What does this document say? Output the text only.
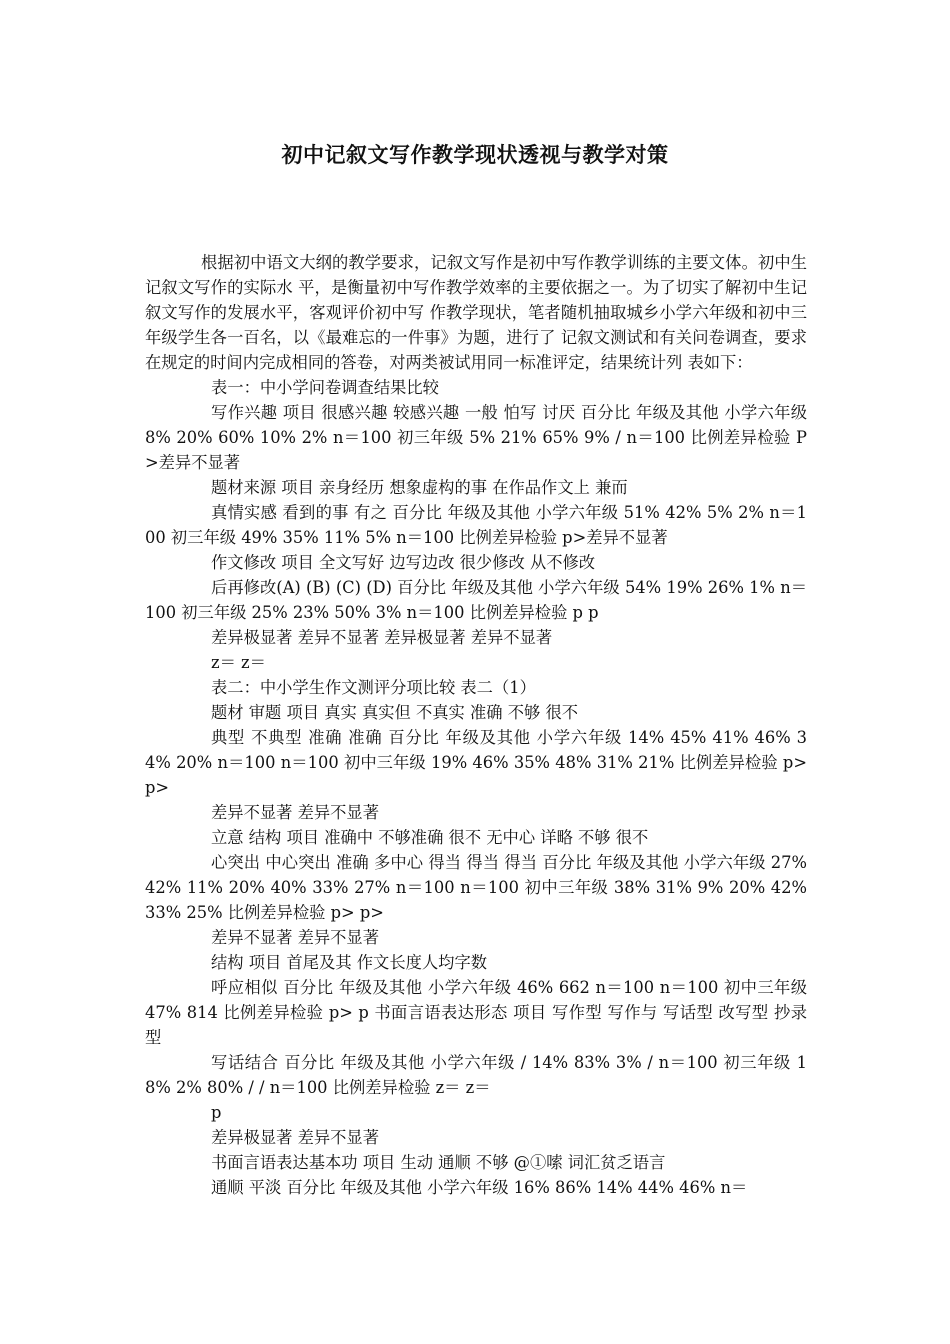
初中记叙文写作教学现状透视与教学对策

根据初中语文大纲的教学要求，记叙文写作是初中写作教学训练的主要文体。初中生记叙文写作的实际水 平，是衡量初中写作教学效率的主要依据之一。为了切实了解初中生记叙文写作的发展水平，客观评价初中写 作教学现状，笔者随机抽取城乡小学六年级和初中三年级学生各一百名，以《最难忘的一件事》为题，进行了 记叙文测试和有关问卷调查，要求在规定的时间内完成相同的答卷，对两类被试用同一标准评定，结果统计列 表如下：

表一：中小学问卷调查结果比较

写作兴趣 项目 很感兴趣 较感兴趣 一般 怕写 讨厌 百分比 年级及其他 小学六年级 8% 20% 60% 10% 2% n＝100 初三年级 5% 21% 65% 9% / n＝100 比例差异检验 P>差异不显著

题材来源 项目 亲身经历 想象虚构的事 在作品作文上 兼而

真情实感 看到的事 有之 百分比 年级及其他 小学六年级 51% 42% 5% 2% n＝100 初三年级 49% 35% 11% 5% n＝100 比例差异检验 p>差异不显著

作文修改 项目 全文写好 边写边改 很少修改 从不修改

后再修改(A) (B) (C) (D) 百分比 年级及其他 小学六年级 54% 19% 26% 1% n＝100 初三年级 25% 23% 50% 3% n＝100 比例差异检验 p p

差异极显著 差异不显著 差异极显著 差异不显著

z＝ z＝

表二：中小学生作文测评分项比较 表二（1）

题材 审题 项目 真实 真实但 不真实 准确 不够 很不

典型 不典型 准确 准确 百分比 年级及其他 小学六年级 14% 45% 41% 46% 34% 20% n＝100 n＝100 初中三年级 19% 46% 35% 48% 31% 21% 比例差异检验 p> p>

差异不显著 差异不显著

立意 结构 项目 准确中 不够准确 很不 无中心 详略 不够 很不

心突出 中心突出 准确 多中心 得当 得当 得当 百分比 年级及其他 小学六年级 27% 42% 11% 20% 40% 33% 27% n＝100 n＝100 初中三年级 38% 31% 9% 20% 42% 33% 25% 比例差异检验 p> p>

差异不显著 差异不显著

结构 项目 首尾及其 作文长度人均字数

呼应相似 百分比 年级及其他 小学六年级 46% 662 n＝100 n＝100 初中三年级 47% 814 比例差异检验 p> p 书面言语表达形态 项目 写作型 写作与 写话型 改写型 抄录型

写话结合 百分比 年级及其他 小学六年级 / 14% 83% 3% / n＝100 初三年级 18% 2% 80% / / n＝100 比例差异检验 z＝ z＝

p

差异极显著 差异不显著

书面言语表达基本功 项目 生动 通顺 不够 @①嗦 词汇贫乏语言

通顺 平淡 百分比 年级及其他 小学六年级 16% 86% 14% 44% 46% n＝
